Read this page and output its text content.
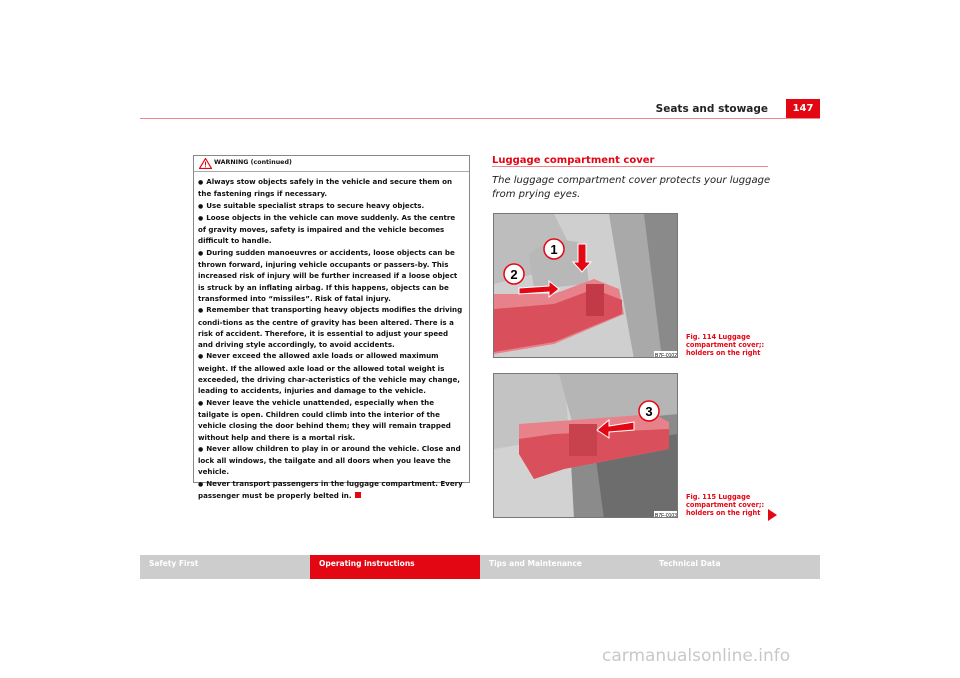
Seats and stowage	147
WARNING (continued)

● Always stow objects safely in the vehicle and secure them on the fastening rings if necessary.

● Use suitable specialist straps to secure heavy objects.

● Loose objects in the vehicle can move suddenly. As the centre of gravity moves, safety is impaired and the vehicle becomes difficult to handle.

● During sudden manoeuvres or accidents, loose objects can be thrown forward, injuring vehicle occupants or passers-by. This increased risk of injury will be further increased if a loose object is struck by an inflating airbag. If this happens, objects can be transformed into “missiles”. Risk of fatal injury.

● Remember that transporting heavy objects modifies the driving condi-tions as the centre of gravity has been altered. There is a risk of accident. Therefore, it is essential to adjust your speed and driving style accordingly, to avoid accidents.

● Never exceed the allowed axle loads or allowed maximum weight. If the allowed axle load or the allowed total weight is exceeded, the driving char-acteristics of the vehicle may change, leading to accidents, injuries and damage to the vehicle.

● Never leave the vehicle unattended, especially when the tailgate is open. Children could climb into the interior of the vehicle closing the door behind them; they will remain trapped without help and there is a mortal risk.

● Never allow children to play in or around the vehicle. Close and lock all windows, the tailgate and all doors when you leave the vehicle.

● Never transport passengers in the luggage compartment. Every passenger must be properly belted in.

Luggage compartment cover
The luggage compartment cover protects your luggage from prying eyes.
1
2
B7F-0102
3
B7F-0103
Fig. 114 Luggage compartment cover;: holders on the right
Fig. 115 Luggage compartment cover;: holders on the right
Safety First	Operating instructions	Tips and Maintenance	Technical Data
carmanualsonline.info
